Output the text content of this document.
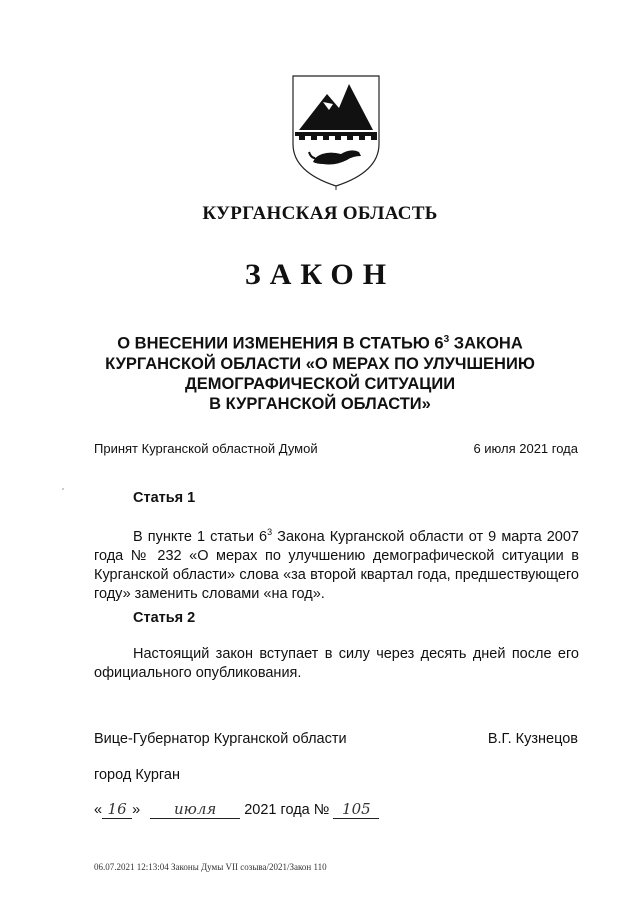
КУРГАНСКАЯ ОБЛАСТЬ
ЗАКОН
О ВНЕСЕНИИ ИЗМЕНЕНИЯ В СТАТЬЮ $6^3$ ЗАКОНА
КУРГАНСКОЙ ОБЛАСТИ «О МЕРАХ ПО УЛУЧШЕНИЮ
ДЕМОГРАФИЧЕСКОЙ СИТУАЦИИ
В КУРГАНСКОЙ ОБЛАСТИ»
Принят Курганской областной Думой	6 июля 2021 года
Статья 1
В пункте 1 статьи $6^3$ Закона Курганской области от 9 марта 2007 года № 232 «О мерах по улучшению демографической ситуации в Курганской области» слова «за второй квартал года, предшествующего году» заменить словами «на год».
Статья 2
Настоящий закон вступает в силу через десять дней после его официального опубликования.
Вице-Губернатор Курганской области	В.Г. Кузнецов
город Курган
« 16 » июля 2021 года № 105
06.07.2021 12:13:04 Законы Думы VII созыва/2021/Закон 110
